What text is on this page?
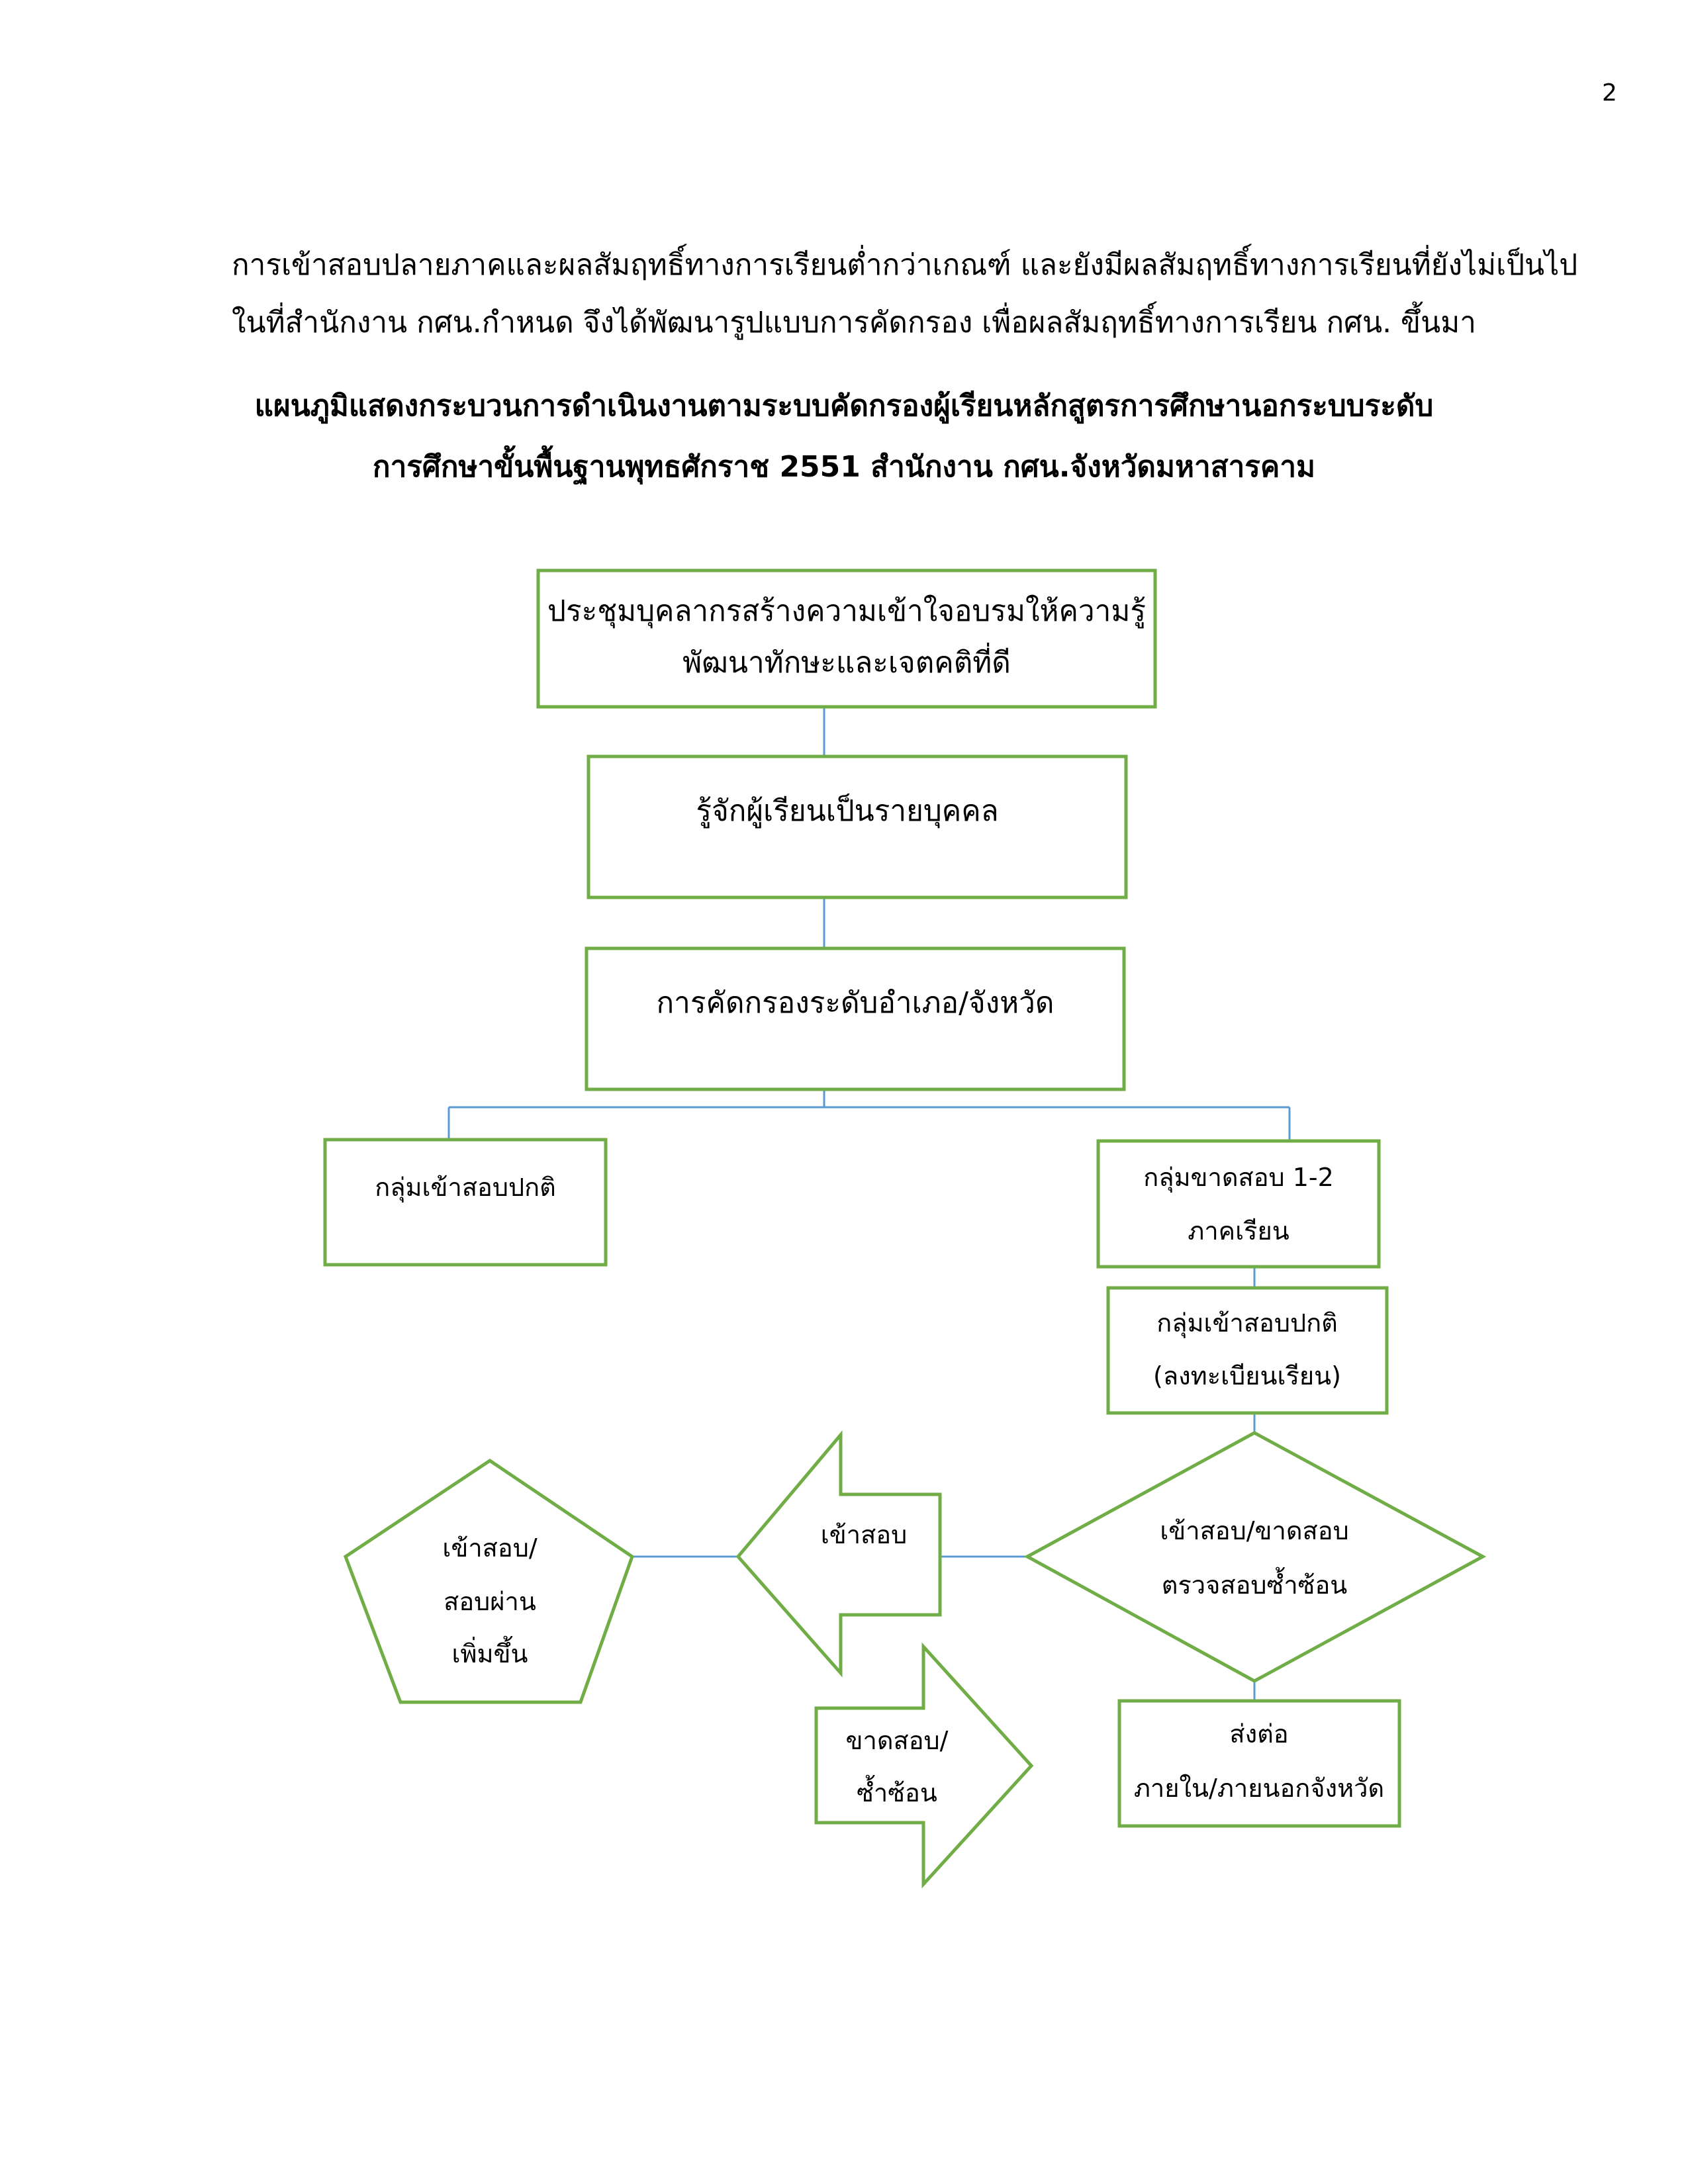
2
การเข้าสอบปลายภาคและผลสัมฤทธิ์ทางการเรียนต่ำกว่าเกณฑ์ และยังมีผลสัมฤทธิ์ทางการเรียนที่ยังไม่เป็นไป
ในที่สำนักงาน กศน.กำหนด จึงได้พัฒนารูปแบบการคัดกรอง เพื่อผลสัมฤทธิ์ทางการเรียน กศน. ขึ้นมา
แผนภูมิแสดงกระบวนการดำเนินงานตามระบบคัดกรองผู้เรียนหลักสูตรการศึกษานอกระบบระดับ
การศึกษาขั้นพื้นฐานพุทธศักราช 2551 สำนักงาน กศน.จังหวัดมหาสารคาม
ประชุมบุคลากรสร้างความเข้าใจอบรมให้ความรู้
พัฒนาทักษะและเจตคติที่ดี
รู้จักผู้เรียนเป็นรายบุคคล
การคัดกรองระดับอำเภอ/จังหวัด
กลุ่มเข้าสอบปกติ	กลุ่มขาดสอบ 1-2
ภาคเรียน
กลุ่มเข้าสอบปกติ
(ลงทะเบียนเรียน)
เข้าสอบ/ขาดสอบ
ตรวจสอบซ้ำซ้อน
เข้าสอบ
เข้าสอบ/
สอบผ่าน
เพิ่มขึ้น
ขาดสอบ/
ซ้ำซ้อน
ส่งต่อ
ภายใน/ภายนอกจังหวัด
